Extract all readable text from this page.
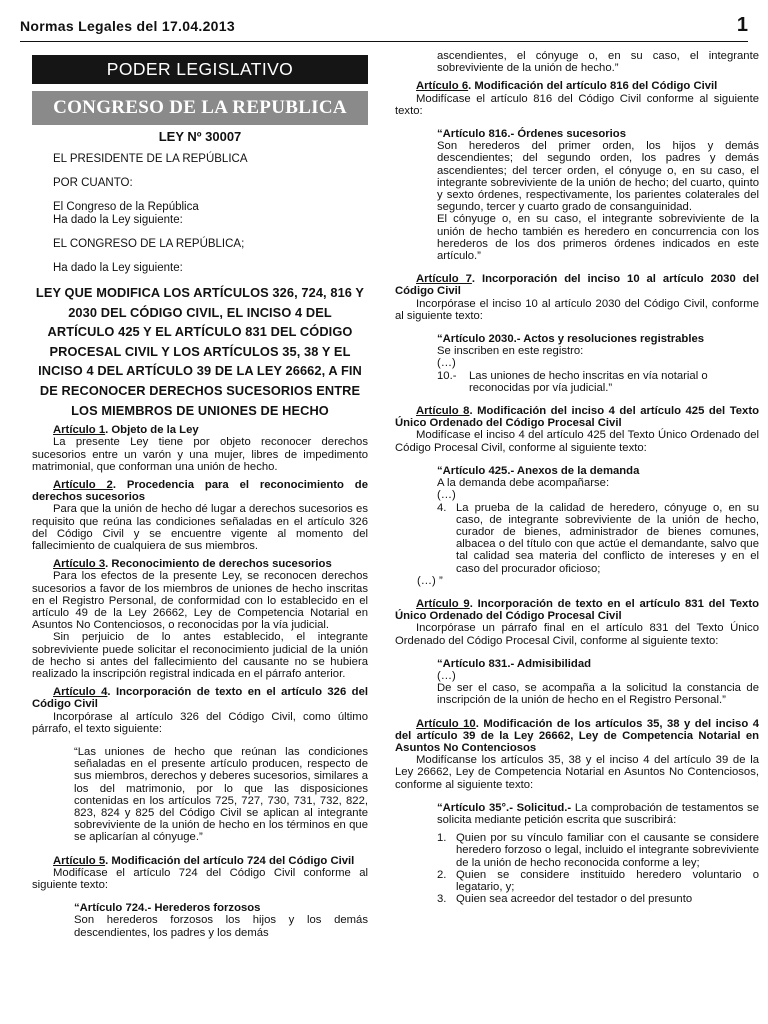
Normas Legales del 17.04.2013	1
PODER LEGISLATIVO
CONGRESO DE LA REPUBLICA
LEY Nº 30007

EL PRESIDENTE DE LA REPÚBLICA

POR CUANTO:

El Congreso de la República

Ha dado la Ley siguiente:

EL CONGRESO DE LA REPÚBLICA;

Ha dado la Ley siguiente:

LEY QUE MODIFICA LOS ARTÍCULOS 326, 724, 816 Y 2030 DEL CÓDIGO CIVIL, EL INCISO 4 DEL ARTÍCULO 425 Y EL ARTÍCULO 831 DEL CÓDIGO PROCESAL CIVIL Y LOS ARTÍCULOS 35, 38 Y EL INCISO 4 DEL ARTÍCULO 39 DE LA LEY 26662, A FIN DE RECONOCER DERECHOS SUCESORIOS ENTRE LOS MIEMBROS DE UNIONES DE HECHO

Artículo 1. Objeto de la Ley

La presente Ley tiene por objeto reconocer derechos sucesorios entre un varón y una mujer, libres de impedimento matrimonial, que conforman una unión de hecho.

Artículo 2. Procedencia para el reconocimiento de derechos sucesorios

Para que la unión de hecho dé lugar a derechos sucesorios es requisito que reúna las condiciones señaladas en el artículo 326 del Código Civil y se encuentre vigente al momento del fallecimiento de cualquiera de sus miembros.

Artículo 3. Reconocimiento de derechos sucesorios

Para los efectos de la presente Ley, se reconocen derechos sucesorios a favor de los miembros de uniones de hecho inscritas en el Registro Personal, de conformidad con lo establecido en el artículo 49 de la Ley 26662, Ley de Competencia Notarial en Asuntos No Contenciosos, o reconocidas por la vía judicial.

Sin perjuicio de lo antes establecido, el integrante sobreviviente puede solicitar el reconocimiento judicial de la unión de hecho si antes del fallecimiento del causante no se hubiera realizado la inscripción registral indicada en el párrafo anterior.

Artículo 4. Incorporación de texto en el artículo 326 del Código Civil

Incorpórase al artículo 326 del Código Civil, como último párrafo, el texto siguiente:

“Las uniones de hecho que reúnan las condiciones señaladas en el presente artículo producen, respecto de sus miembros, derechos y deberes sucesorios, similares a los del matrimonio, por lo que las disposiciones contenidas en los artículos 725, 727, 730, 731, 732, 822, 823, 824 y 825 del Código Civil se aplican al integrante sobreviviente de la unión de hecho en los términos en que se aplicarían al cónyuge.”

Artículo 5. Modificación del artículo 724 del Código Civil

Modifícase el artículo 724 del Código Civil conforme al siguiente texto:

“Artículo 724.- Herederos forzosos

Son herederos forzosos los hijos y los demás descendientes, los padres y los demás

ascendientes, el cónyuge o, en su caso, el integrante sobreviviente de la unión de hecho.”

Artículo 6. Modificación del artículo 816 del Código Civil

Modifícase el artículo 816 del Código Civil conforme al siguiente texto:

“Artículo 816.- Órdenes sucesorios

Son herederos del primer orden, los hijos y demás descendientes; del segundo orden, los padres y demás ascendientes; del tercer orden, el cónyuge o, en su caso, el integrante sobreviviente de la unión de hecho; del cuarto, quinto y sexto órdenes, respectivamente, los parientes colaterales del segundo, tercer y cuarto grado de consanguinidad.

El cónyuge o, en su caso, el integrante sobreviviente de la unión de hecho también es heredero en concurrencia con los herederos de los dos primeros órdenes indicados en este artículo.”

Artículo 7. Incorporación del inciso 10 al artículo 2030 del Código Civil

Incorpórase el inciso 10 al artículo 2030 del Código Civil, conforme al siguiente texto:

“Artículo 2030.- Actos y resoluciones registrables

Se inscriben en este registro:

(…)

10.- Las uniones de hecho inscritas en vía notarial o reconocidas por vía judicial.”

Artículo 8. Modificación del inciso 4 del artículo 425 del Texto Único Ordenado del Código Procesal Civil

Modifícase el inciso 4 del artículo 425 del Texto Único Ordenado del Código Procesal Civil, conforme al siguiente texto:

“Artículo 425.- Anexos de la demanda

A la demanda debe acompañarse:

(…)

4. La prueba de la calidad de heredero, cónyuge o, en su caso, de integrante sobreviviente de la unión de hecho, curador de bienes, administrador de bienes comunes, albacea o del título con que actúe el demandante, salvo que tal calidad sea materia del conflicto de intereses y en el caso del procurador oficioso;

(…) ”

Artículo 9. Incorporación de texto en el artículo 831 del Texto Único Ordenado del Código Procesal Civil

Incorpórase un párrafo final en el artículo 831 del Texto Único Ordenado del Código Procesal Civil, conforme al siguiente texto:

“Artículo 831.- Admisibilidad

(…)

De ser el caso, se acompaña a la solicitud la constancia de inscripción de la unión de hecho en el Registro Personal.”

Artículo 10. Modificación de los artículos 35, 38 y del inciso 4 del artículo 39 de la Ley 26662, Ley de Competencia Notarial en Asuntos No Contenciosos

Modifícanse los artículos 35, 38 y el inciso 4 del artículo 39 de la Ley 26662, Ley de Competencia Notarial en Asuntos No Contenciosos, conforme al siguiente texto:

“Artículo 35°.- Solicitud.- La comprobación de testamentos se solicita mediante petición escrita que suscribirá:

1. Quien por su vínculo familiar con el causante se considere heredero forzoso o legal, incluido el integrante sobreviviente de la unión de hecho reconocida conforme a ley;
2. Quien se considere instituido heredero voluntario o legatario, y;
3. Quien sea acreedor del testador o del presunto
